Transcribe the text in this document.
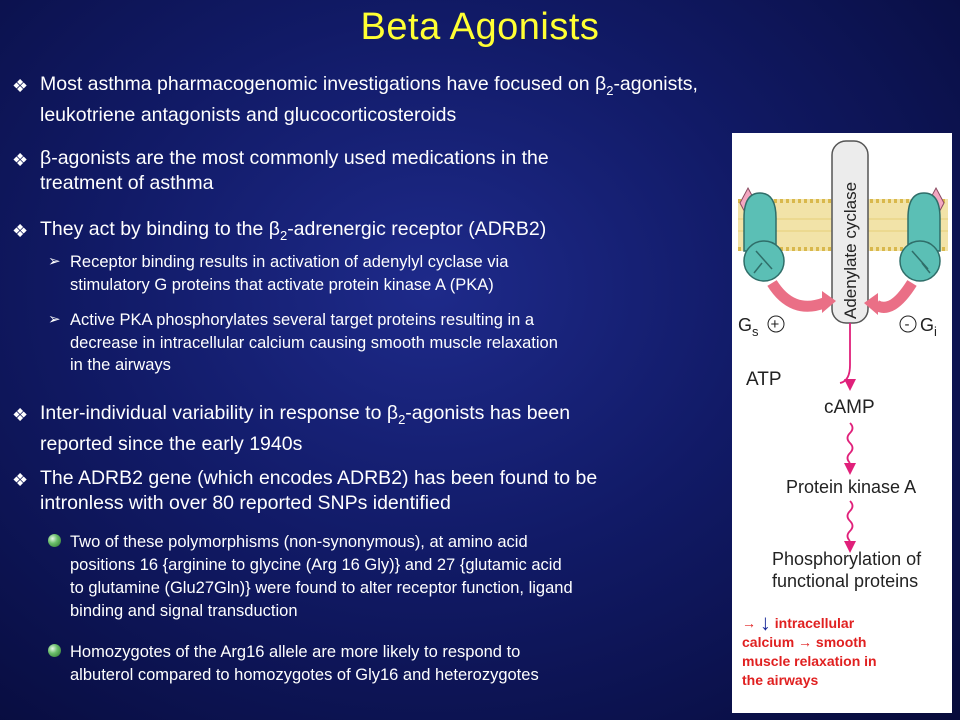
Beta Agonists
❖ Most asthma pharmacogenomic investigations have focused on $\beta_2$-agonists,
leukotriene antagonists and glucocorticosteroids
❖ β-agonists are the most commonly used medications in the
treatment of asthma
❖ They act by binding to the $\beta_2$-adrenergic receptor (ADRB2)
➢ Receptor binding results in activation of adenylyl cyclase via
stimulatory G proteins that activate protein kinase A (PKA)
➢ Active PKA phosphorylates several target proteins resulting in a
decrease in intracellular calcium causing smooth muscle relaxation
in the airways
❖ Inter-individual variability in response to $\beta_2$-agonists has been
reported since the early 1940s
❖ The ADRB2 gene (which encodes ADRB2) has been found to be
intronless with over 80 reported SNPs identified
Two of these polymorphisms (non-synonymous), at amino acid
positions 16 {arginine to glycine (Arg 16 Gly)} and 27 {glutamic acid
to glutamine (Glu27Gln)} were found to alter receptor function, ligand
binding and signal transduction
Homozygotes of the Arg16 allele are more likely to respond to
albuterol compared to homozygotes of Gly16 and heterozygotes
Adenylate cyclase
$G_s$ +	- $G_i$
ATP
cAMP
Protein kinase A
Phosphorylation of
functional proteins
→ ↓ intracellular
calcium → smooth
muscle relaxation in
the airways
